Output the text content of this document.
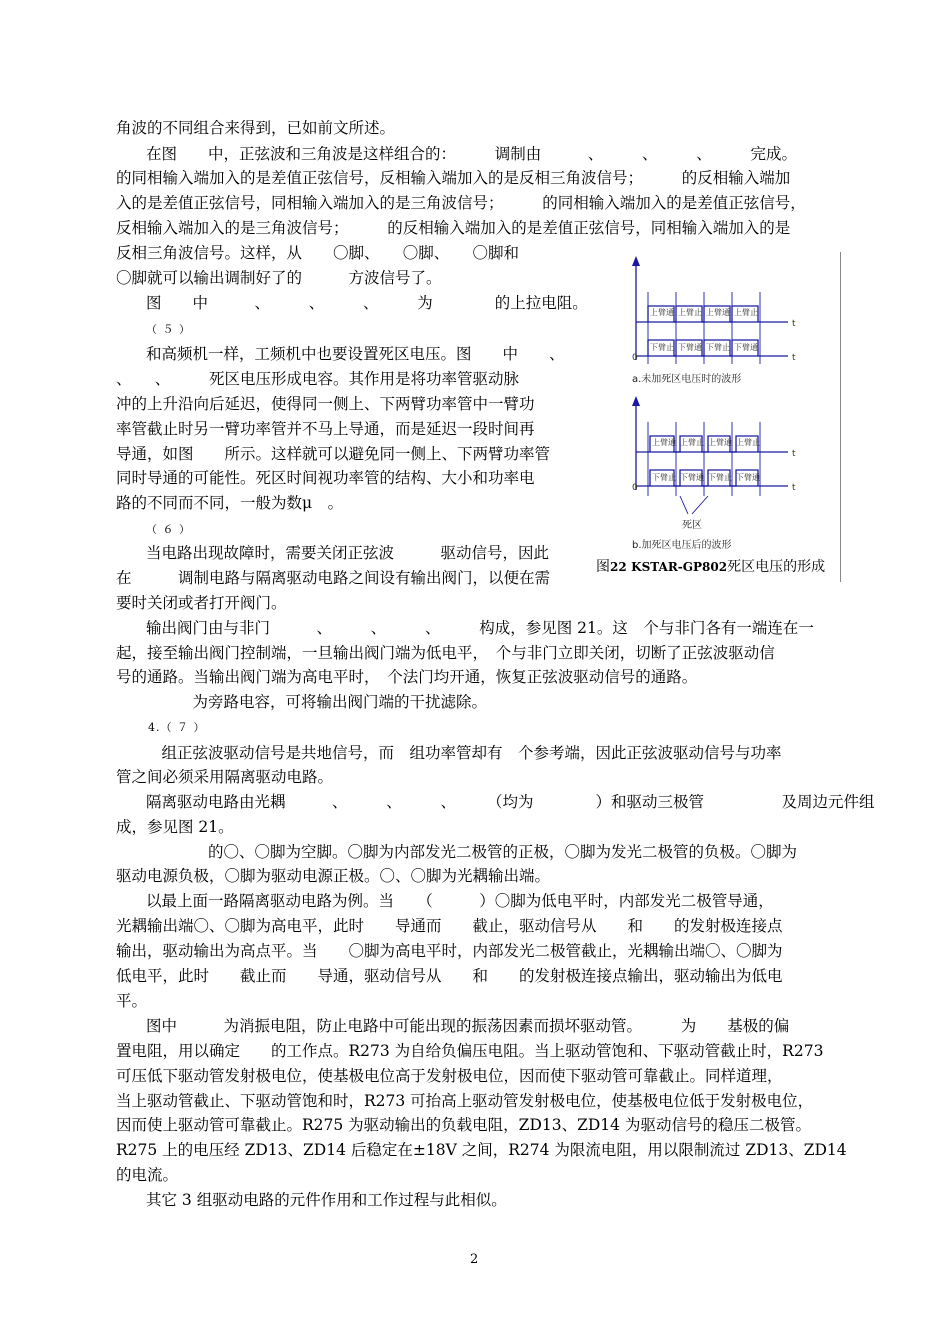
角波的不同组合来得到，已如前文所述。
在图　　中，正弦波和三角波是这样组合的：　　　调制由　　　、　　　、　　　、　　　完成。
的同相输入端加入的是差值正弦信号，反相输入端加入的是反相三角波信号；　　　的反相输入端加
入的是差值正弦信号，同相输入端加入的是三角波信号；　　　的同相输入端加入的是差值正弦信号，
反相输入端加入的是三角波信号；　　　的反相输入端加入的是差值正弦信号，同相输入端加入的是
反相三角波信号。这样，从　　〇脚、　　〇脚、　　〇脚和
〇脚就可以输出调制好了的　　　方波信号了。
图　　中　　　、　　　、　　　、　　　为　　　　的上拉电阻。
（ ５ ）
和高频机一样，工频机中也要设置死区电压。图　　中　　、
、　　、　　　死区电压形成电容。其作用是将功率管驱动脉
冲的上升沿向后延迟，使得同一侧上、下两臂功率管中一臂功
率管截止时另一臂功率管并不马上导通，而是延迟一段时间再
导通，如图　　所示。这样就可以避免同一侧上、下两臂功率管
同时导通的可能性。死区时间视功率管的结构、大小和功率电
路的不同而不同，一般为数μ　。
（ ６ ）
当电路出现故障时，需要关闭正弦波　　　驱动信号，因此
在　　　调制电路与隔离驱动电路之间设有输出阀门，以便在需
要时关闭或者打开阀门。
输出阀门由与非门　　　、　　　、　　　、　　　构成，参见图 21。这　个与非门各有一端连在一
起，接至输出阀门控制端，一旦输出阀门端为低电平，　个与非门立即关闭，切断了正弦波驱动信
号的通路。当输出阀门端为高电平时，　个法门均开通，恢复正弦波驱动信号的通路。
　　　为旁路电容，可将输出阀门端的干扰滤除。
4.（ ７ ）
　组正弦波驱动信号是共地信号，而　组功率管却有　个参考端，因此正弦波驱动信号与功率
管之间必须采用隔离驱动电路。
隔离驱动电路由光耦　　　、　　　、　　　、　　　（均为　　　　）和驱动三极管　　　　　及周边元件组
成，参见图 21。
　　　　的〇、〇脚为空脚。〇脚为内部发光二极管的正极，〇脚为发光二极管的负极。〇脚为
驱动电源负极，〇脚为驱动电源正极。〇、〇脚为光耦输出端。
以最上面一路隔离驱动电路为例。当　　（　　　）〇脚为低电平时，内部发光二极管导通，
光耦输出端〇、〇脚为高电平，此时　　导通而　　截止，驱动信号从　　和　　的发射极连接点
输出，驱动输出为高点平。当　　〇脚为高电平时，内部发光二极管截止，光耦输出端〇、〇脚为
低电平，此时　　截止而　　导通，驱动信号从　　和　　的发射极连接点输出，驱动输出为低电
平。
图中　　　为消振电阻，防止电路中可能出现的振荡因素而损坏驱动管。　　　为　　基极的偏
置电阻，用以确定　　的工作点。R273 为自给负偏压电阻。当上驱动管饱和、下驱动管截止时，R273
可压低下驱动管发射极电位，使基极电位高于发射极电位，因而使下驱动管可靠截止。同样道理，
当上驱动管截止、下驱动管饱和时，R273 可抬高上驱动管发射极电位，使基极电位低于发射极电位，
因而使上驱动管可靠截止。R275 为驱动输出的负载电阻，ZD13、ZD14 为驱动信号的稳压二极管。
R275 上的电压经 ZD13、ZD14 后稳定在±18V 之间，R274 为限流电阻，用以限制流过 ZD13、ZD14
的电流。
其它 3 组驱动电路的元件作用和工作过程与此相似。
上臂通 上臂止 上臂通 上臂止
下臂止 下臂通 下臂止 下臂通
t
t
0
a.未加死区电压时的波形
上臂通 上臂止 上臂通 上臂止
下臂止 下臂通 下臂止 下臂通
t
t
0
死区
b.加死区电压后的波形
图22 KSTAR-GP802死区电压的形成
2
